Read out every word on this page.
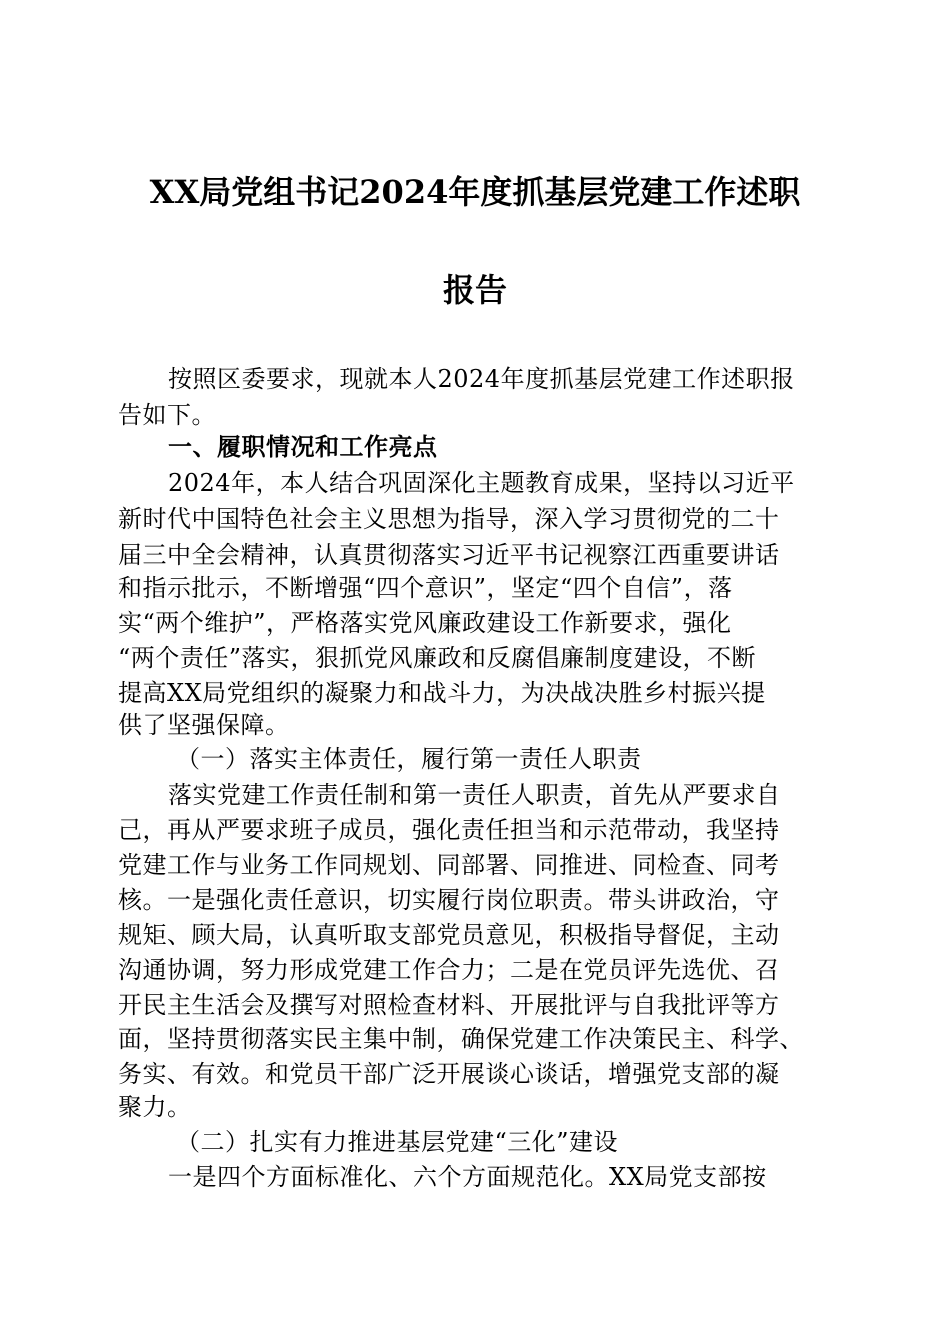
XX局党组书记2024年度抓基层党建工作述职
报告
按照区委要求，现就本人2024年度抓基层党建工作述职报
告如下。
一、履职情况和工作亮点
2024年，本人结合巩固深化主题教育成果，坚持以习近平
新时代中国特色社会主义思想为指导，深入学习贯彻党的二十
届三中全会精神，认真贯彻落实习近平书记视察江西重要讲话
和指示批示，不断增强“四个意识”，坚定“四个自信”，落
实“两个维护”，严格落实党风廉政建设工作新要求，强化
“两个责任”落实，狠抓党风廉政和反腐倡廉制度建设，不断
提高XX局党组织的凝聚力和战斗力，为决战决胜乡村振兴提
供了坚强保障。
（一）落实主体责任，履行第一责任人职责
落实党建工作责任制和第一责任人职责，首先从严要求自
己，再从严要求班子成员，强化责任担当和示范带动，我坚持
党建工作与业务工作同规划、同部署、同推进、同检查、同考
核。一是强化责任意识，切实履行岗位职责。带头讲政治，守
规矩、顾大局，认真听取支部党员意见，积极指导督促，主动
沟通协调，努力形成党建工作合力；二是在党员评先选优、召
开民主生活会及撰写对照检查材料、开展批评与自我批评等方
面，坚持贯彻落实民主集中制，确保党建工作决策民主、科学、
务实、有效。和党员干部广泛开展谈心谈话，增强党支部的凝
聚力。
（二）扎实有力推进基层党建“三化”建设
一是四个方面标准化、六个方面规范化。XX局党支部按
